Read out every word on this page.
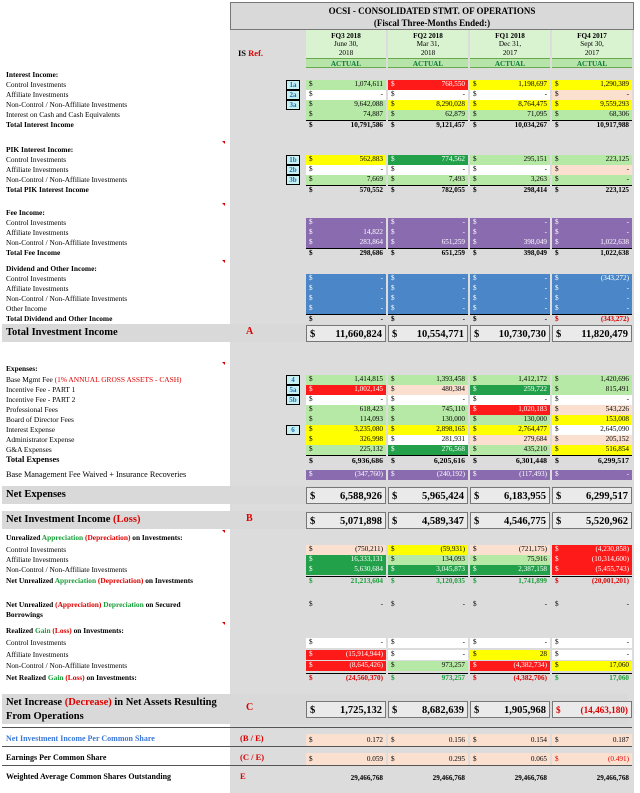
OCSI - CONSOLIDATED STMT. OF OPERATIONS
(Fiscal Three-Months Ended:)
IS Ref.
FQ3 2018
June 30,
2018
ACTUAL
FQ2 2018
Mar 31,
2018
ACTUAL
FQ1 2018
Dec 31,
2017
ACTUAL
FQ4 2017
Sept 30,
2017
ACTUAL
Interest Income:
Control Investments	1a	$	1,074,611 $	768,550 $	1,198,697 $	1,290,389
Affiliate Investments	2a	$	- $	- $	- $	-
Non-Control / Non-Affiliate Investments	3a	$	9,642,088 $	8,290,028 $	8,764,475 $	9,559,293
Interest on Cash and Cash Equivalents	$	74,887 $	62,879 $	71,095 $	68,306
Total Interest Income	$	10,791,586 $	9,121,457 $	10,034,267 $	10,917,988
PIK Interest Income:
Control Investments	1b	$	562,883 $	774,562 $	295,151 $	223,125
Affiliate Investments	2b	$	- $	- $	- $	-
Non-Control / Non-Affiliate Investments	3b	$	7,669 $	7,493 $	3,263 $	-
Total PIK Interest Income	$	570,552 $	782,055 $	298,414 $	223,125
Fee Income:
Control Investments	$	- $	- $	- $	-
Affiliate Investments	$	14,822 $	- $	- $	-
Non-Control / Non-Affiliate Investments	$	283,864 $	651,259 $	398,049 $	1,022,638
Total Fee Income	$	298,686 $	651,259 $	398,049 $	1,022,638
Dividend and Other Income:
Control Investments	$	- $	- $	- $	(343,272)
Affiliate Investments	$	- $	- $	- $	-
Non-Control / Non-Affiliate Investments	$	- $	- $	- $	-
Other Income	$	- $	- $	- $	-
Total Dividend and Other Income	$	- $	- $	- $	(343,272)
Expenses:
Base Mgmt Fee (1% ANNUAL GROSS ASSETS - CASH)	4	$	1,414,815 $	1,393,458 $	1,412,172 $	1,420,696
Incentive Fee - PART 1	5a	$	1,002,145 $	480,384 $	259,722 $	815,491
Incentive Fee - PART 2	5b	$	- $	- $	- $	-
Professional Fees	$	618,423 $	745,110 $	1,020,183 $	543,226
Board of Director Fees	$	114,093 $	130,000 $	130,000 $	153,008
Interest Expense	6	$	3,235,080 $	2,898,165 $	2,764,477 $	2,645,090
Administrator Expense	$	326,998 $	281,931 $	279,684 $	205,152
G&A Expenses	$	225,132 $	276,568 $	435,210 $	516,854
Total Expenses	$	6,936,686 $	6,205,616 $	6,301,448 $	6,299,517
Base Management Fee Waived + Insurance Recoveries	$	(347,760) $	(240,192) $	(117,493) $	-
Unrealized Appreciation (Depreciation) on Investments:
Control Investments	$	(750,211) $	(59,931) $	(721,175) $	(4,230,858)
Affiliate Investments	$	16,333,131 $	134,093 $	75,916 $	(10,314,600)
Non-Control / Non-Affiliate Investments	$	5,630,684 $	3,045,873 $	2,387,158 $	(5,455,743)
Net Unrealized Appreciation (Depreciation) on Investments	$	21,213,604 $	3,120,035 $	1,741,899 $	(20,001,201)
Net Unrealized (Appreciation) Depreciation on Secured	$	- $	- $	- $	-
Borrowings
Realized Gain (Loss) on Investments:
Control Investments	$	- $	- $	- $	-
Affiliate Investments	$	(15,914,944) $	- $	28 $	-
Non-Control / Non-Affiliate Investments	$	(8,645,426) $	973,257 $	(4,382,734) $	17,060
Net Realized Gain (Loss) on Investments:	$	(24,560,370) $	973,257 $	(4,382,706) $	17,060
Net Investment Income Per Common Share	(B / E)	$	0.172 $	0.156 $	0.154 $	0.187
Earnings Per Common Share	(C / E)	$	0.059 $	0.295 $	0.065 $	(0.491)
Weighted Average Common Shares Outstanding	E	29,466,768	29,466,768	29,466,768	29,466,768
Total Investment Income	A	$ 11,660,824 $ 10,554,771 $ 10,730,730 $ 11,820,479
Net Expenses	$ 6,588,926 $ 5,965,424 $ 6,183,955 $ 6,299,517
Net Investment Income (Loss)	B	$ 5,071,898 $ 4,589,347 $ 4,546,775 $ 5,520,962
Net Increase (Decrease) in Net Assets Resulting
From Operations
C	$ 1,725,132 $ 8,682,639 $ 1,905,968 $ (14,463,180)
